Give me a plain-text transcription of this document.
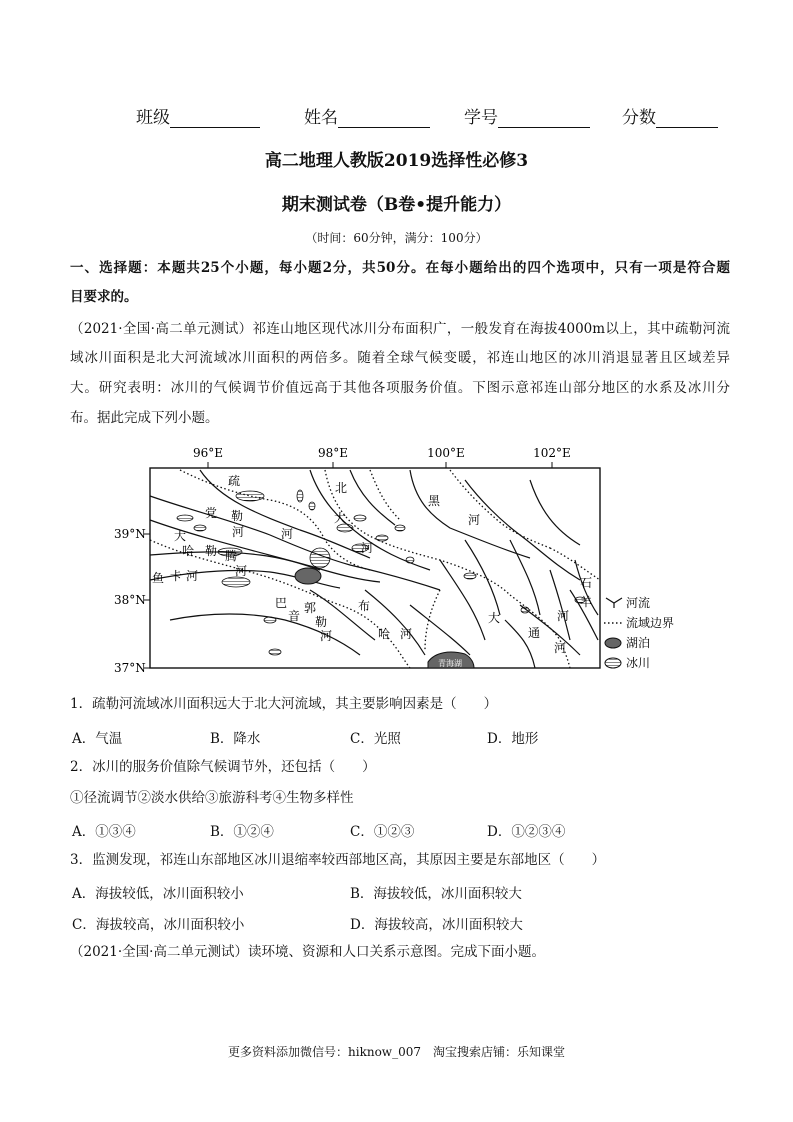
班级	姓名	学号	分数
高二地理人教版2019选择性必修3
期末测试卷（B卷•提升能力）
（时间：60分钟，满分：100分）
一、选择题：本题共25个小题，每小题2分，共50分。在每小题给出的四个选项中，只有一项是符合题
目要求的。
（2021·全国·高二单元测试）祁连山地区现代冰川分布面积广，一般发育在海拔4000m以上，其中疏勒河流
域冰川面积是北大河流域冰川面积的两倍多。随着全球气候变暖，祁连山地区的冰川消退显著且区域差异
大。研究表明：冰川的气候调节价值远高于其他各项服务价值。下图示意祁连山部分地区的水系及冰川分
布。据此完成下列小题。
96°E	98°E	100°E	102°E
39°N
38°N
37°N	青海湖
疏
勒
河
党
河
大
哈 勒 腾
河
鱼 卡 河
北
大
河
黑
河
巴
音
郭
勒
河
布
哈 河
大
通
河
石
羊
河
河流
流域边界
湖泊
冰川
1．疏勒河流域冰川面积远大于北大河流域，其主要影响因素是（　　）
A．气温	B．降水	C．光照	D．地形
2．冰川的服务价值除气候调节外，还包括（　　）
①径流调节②淡水供给③旅游科考④生物多样性
A．①③④	B．①②④	C．①②③	D．①②③④
3．监测发现，祁连山东部地区冰川退缩率较西部地区高，其原因主要是东部地区（　　）
A．海拔较低，冰川面积较小	B．海拔较低，冰川面积较大
C．海拔较高，冰川面积较小	D．海拔较高，冰川面积较大
（2021·全国·高二单元测试）读环境、资源和人口关系示意图。完成下面小题。
更多资料添加微信号：hiknow_007　淘宝搜索店铺：乐知课堂
